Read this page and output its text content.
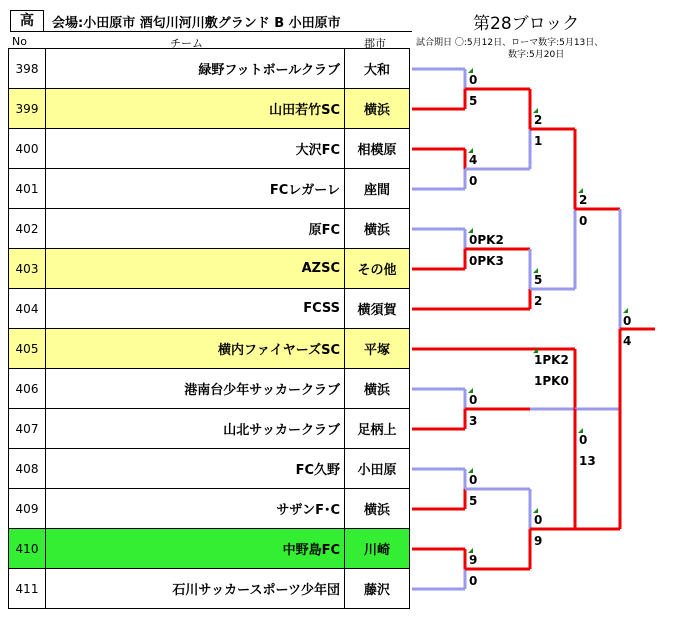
高	会場:小田原市 酒匂川河川敷グランド B 小田原市	第28ブロック
No	チーム	郡市	試合期日 〇:5月12日、ローマ数字:5月13日、
数字:5月20日
398	緑野フットボールクラブ	大和
399	山田若竹SC	横浜
400	大沢FC	相模原
401	FCレガーレ	座間
402	原FC	横浜
403	AZSC	その他
404	FCSS	横須賀
405	横内ファイヤーズSC	平塚
406	港南台少年サッカークラブ	横浜
407	山北サッカークラブ	足柄上
408	FC久野	小田原
409	サザンF･C	横浜
410	中野島FC	川崎
411	石川サッカースポーツ少年団	藤沢
0
5
4
0
0PK2
0PK3
0
3
0
5
9
0
2
1
5
2
1PK2
1PK0
0
9
2
0
0
13
0
4
